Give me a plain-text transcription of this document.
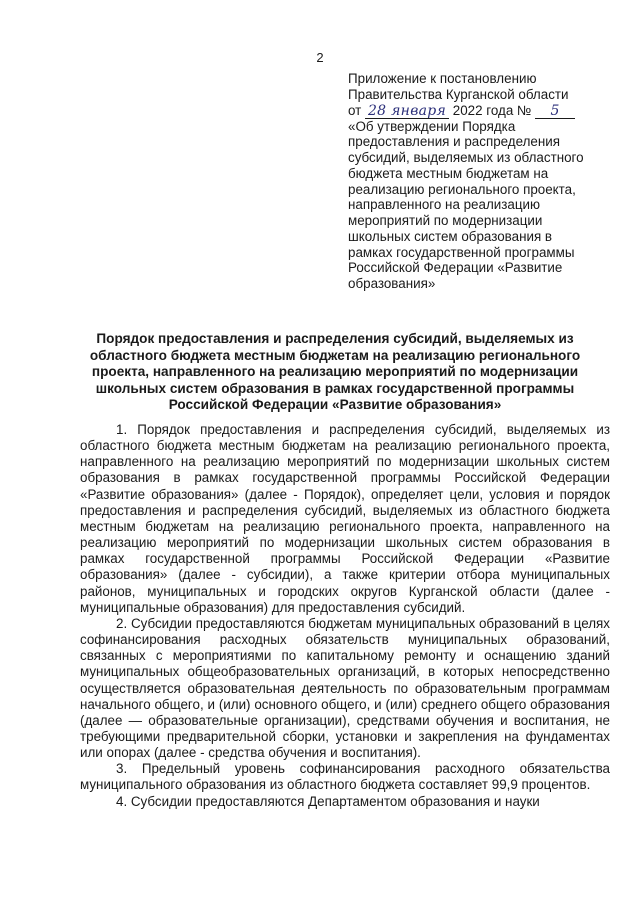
2
Приложение к постановлению
Правительства Курганской области
от 28 января 2022 года № 5
«Об утверждении Порядка
предоставления и распределения
субсидий, выделяемых из областного
бюджета местным бюджетам на
реализацию регионального проекта,
направленного на реализацию
мероприятий по модернизации
школьных систем образования в
рамках государственной программы
Российской Федерации «Развитие
образования»
Порядок предоставления и распределения субсидий, выделяемых из областного бюджета местным бюджетам на реализацию регионального проекта, направленного на реализацию мероприятий по модернизации школьных систем образования в рамках государственной программы Российской Федерации «Развитие образования»

1. Порядок предоставления и распределения субсидий, выделяемых из областного бюджета местным бюджетам на реализацию регионального проекта, направленного на реализацию мероприятий по модернизации школьных систем образования в рамках государственной программы Российской Федерации «Развитие образования» (далее - Порядок), определяет цели, условия и порядок предоставления и распределения субсидий, выделяемых из областного бюджета местным бюджетам на реализацию регионального проекта, направленного на реализацию мероприятий по модернизации школьных систем образования в рамках государственной программы Российской Федерации «Развитие образования» (далее - субсидии), а также критерии отбора муниципальных районов, муниципальных и городских округов Курганской области (далее - муниципальные образования) для предоставления субсидий.

2. Субсидии предоставляются бюджетам муниципальных образований в целях софинансирования расходных обязательств муниципальных образований, связанных с мероприятиями по капитальному ремонту и оснащению зданий муниципальных общеобразовательных организаций, в которых непосредственно осуществляется образовательная деятельность по образовательным программам начального общего, и (или) основного общего, и (или) среднего общего образования (далее — образовательные организации), средствами обучения и воспитания, не требующими предварительной сборки, установки и закрепления на фундаментах или опорах (далее - средства обучения и воспитания).

3. Предельный уровень софинансирования расходного обязательства муниципального образования из областного бюджета составляет 99,9 процентов.

4. Субсидии предоставляются Департаментом образования и науки
